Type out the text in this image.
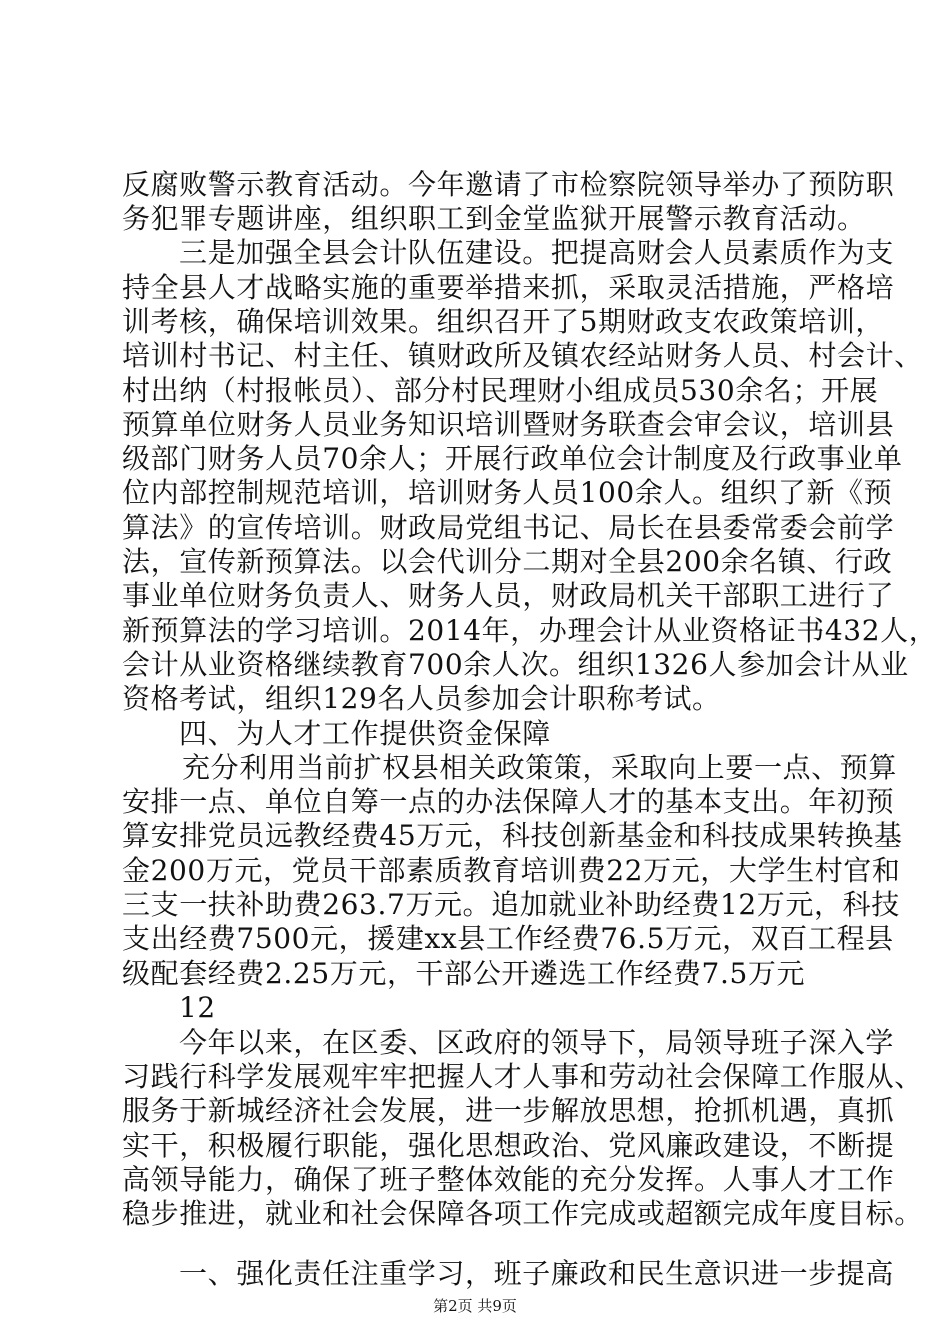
反腐败警示教育活动。今年邀请了市检察院领导举办了预防职

务犯罪专题讲座，组织职工到金堂监狱开展警示教育活动。

三是加强全县会计队伍建设。把提高财会人员素质作为支

持全县人才战略实施的重要举措来抓，采取灵活措施，严格培

训考核，确保培训效果。组织召开了5期财政支农政策培训，

培训村书记、村主任、镇财政所及镇农经站财务人员、村会计、

村出纳（村报帐员）、部分村民理财小组成员530余名；开展

预算单位财务人员业务知识培训暨财务联查会审会议，培训县

级部门财务人员70余人；开展行政单位会计制度及行政事业单

位内部控制规范培训，培训财务人员100余人。组织了新《预

算法》的宣传培训。财政局党组书记、局长在县委常委会前学

法，宣传新预算法。以会代训分二期对全县200余名镇、行政

事业单位财务负责人、财务人员，财政局机关干部职工进行了

新预算法的学习培训。2014年，办理会计从业资格证书432人，

会计从业资格继续教育700余人次。组织1326人参加会计从业

资格考试，组织129名人员参加会计职称考试。

四、为人才工作提供资金保障

充分利用当前扩权县相关政策策，采取向上要一点、预算

安排一点、单位自筹一点的办法保障人才的基本支出。年初预

算安排党员远教经费45万元，科技创新基金和科技成果转换基

金200万元，党员干部素质教育培训费22万元，大学生村官和

三支一扶补助费263.7万元。追加就业补助经费12万元，科技

支出经费7500元，援建xx县工作经费76.5万元，双百工程县

级配套经费2.25万元，干部公开遴选工作经费7.5万元

12

今年以来，在区委、区政府的领导下，局领导班子深入学

习践行科学发展观牢牢把握人才人事和劳动社会保障工作服从、

服务于新城经济社会发展，进一步解放思想，抢抓机遇，真抓

实干，积极履行职能，强化思想政治、党风廉政建设，不断提

高领导能力，确保了班子整体效能的充分发挥。人事人才工作

稳步推进，就业和社会保障各项工作完成或超额完成年度目标。

一、强化责任注重学习，班子廉政和民生意识进一步提高

第2页 共9页
